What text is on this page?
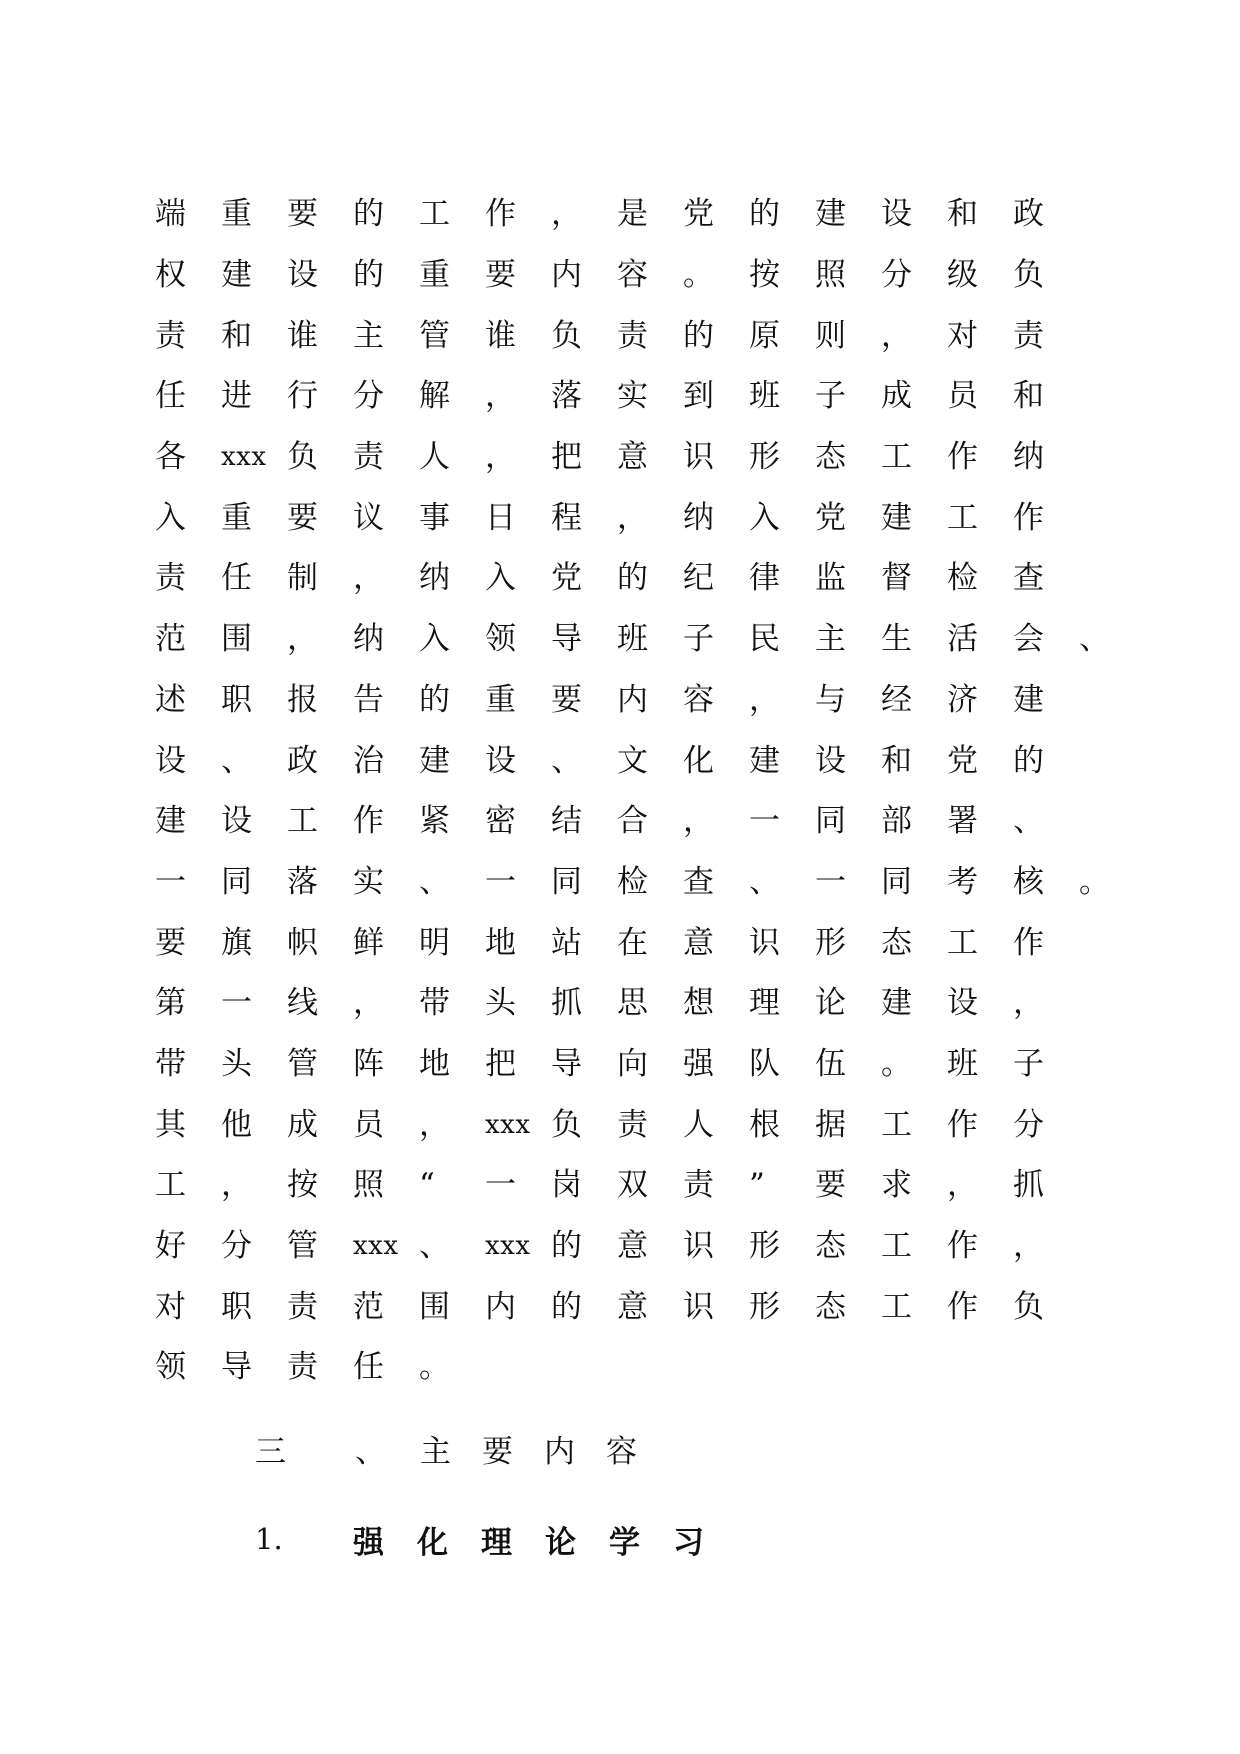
端	重	要	的	工	作	，	是	党	的	建	设	和	政
权	建	设	的	重	要	内	容	。	按	照	分	级	负
责	和	谁	主	管	谁	负	责	的	原	则	，	对	责
任	进	行	分	解	，	落	实	到	班	子	成	员	和
各	xxx 负	责	人	，	把	意	识	形	态	工	作	纳
入	重	要	议	事	日	程	，	纳	入	党	建	工	作
责	任	制	，	纳	入	党	的	纪	律	监	督	检	查
范	围	，	纳	入	领	导	班	子	民	主	生	活	会	、
述	职	报	告	的	重	要	内	容	，	与	经	济	建
设	、	政	治	建	设	、	文	化	建	设	和	党	的
建	设	工	作	紧	密	结	合	，	一	同	部	署	、
一	同	落	实	、	一	同	检	查	、	一	同	考	核	。
要	旗	帜	鲜	明	地	站	在	意	识	形	态	工	作
第	一	线	，	带	头	抓	思	想	理	论	建	设	，
带	头	管	阵	地	把	导	向	强	队	伍	。	班	子
其	他	成	员	，	xxx 负	责	人	根	据	工	作	分
工	，	按	照	“	一	岗	双	责	”	要	求	，	抓
好	分	管	xxx 、	xxx 的	意	识	形	态	工	作	，
对	职	责	范	围	内	的	意	识	形	态	工	作	负
领	导	责	任	。
三	、	主要内容
1.	强化理论学习
